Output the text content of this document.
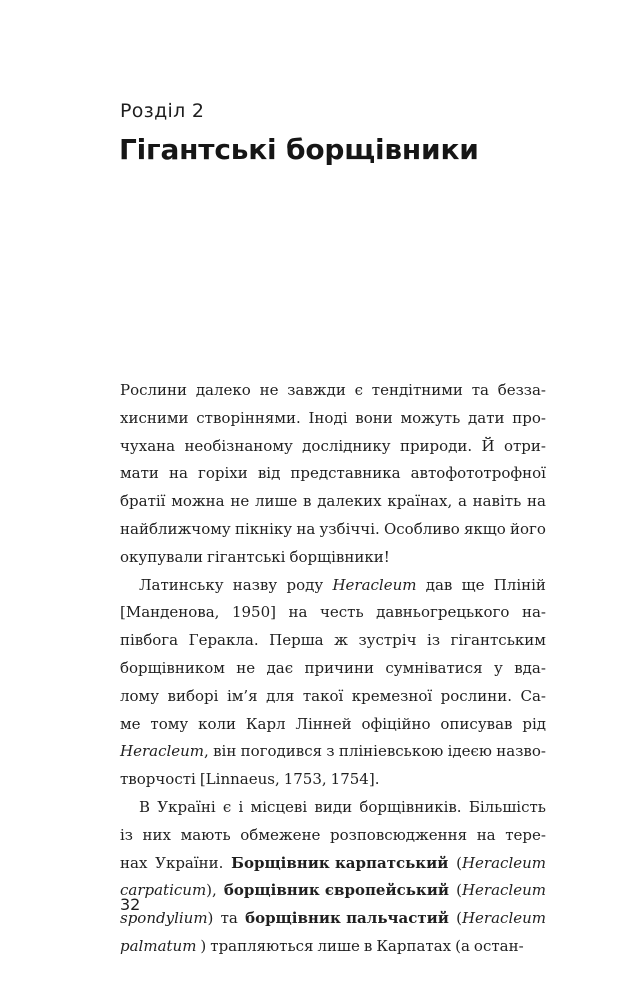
Розділ 2
Гігантські борщівники
Рослини далеко не завжди є тендітними та безза-
хисними створіннями. Іноді вони можуть дати про-
чухана необізнаному досліднику природи. Й отри-
мати на горіхи від представника автофототрофної
братії можна не лише в далеких країнах, а навіть на
найближчому пікніку на узбіччі. Особливо якщо його
окупували гігантські борщівники!
Латинську назву роду Heracleum дав ще Пліній
[Манденова, 1950] на честь давньогрецького на-
півбога Геракла. Перша ж зустріч із гігантським
борщівником не дає причини сумніватися у вда-
лому виборі ім’я для такої кремезної рослини. Са-
ме тому коли Карл Лінней офіційно описував рід
Heracleum, він погодився з плініевською ідеєю назво-
творчості [Linnaeus, 1753, 1754].
В Україні є і місцеві види борщівників. Більшість
із них мають обмежене розповсюдження на тере-
нах України. Борщівник карпатський (Heracleum
carpaticum), борщівник європейський (Heracleum
spondylium) та борщівник пальчастий (Heracleum
palmatum ) трапляються лише в Карпатах (а остан-
32
